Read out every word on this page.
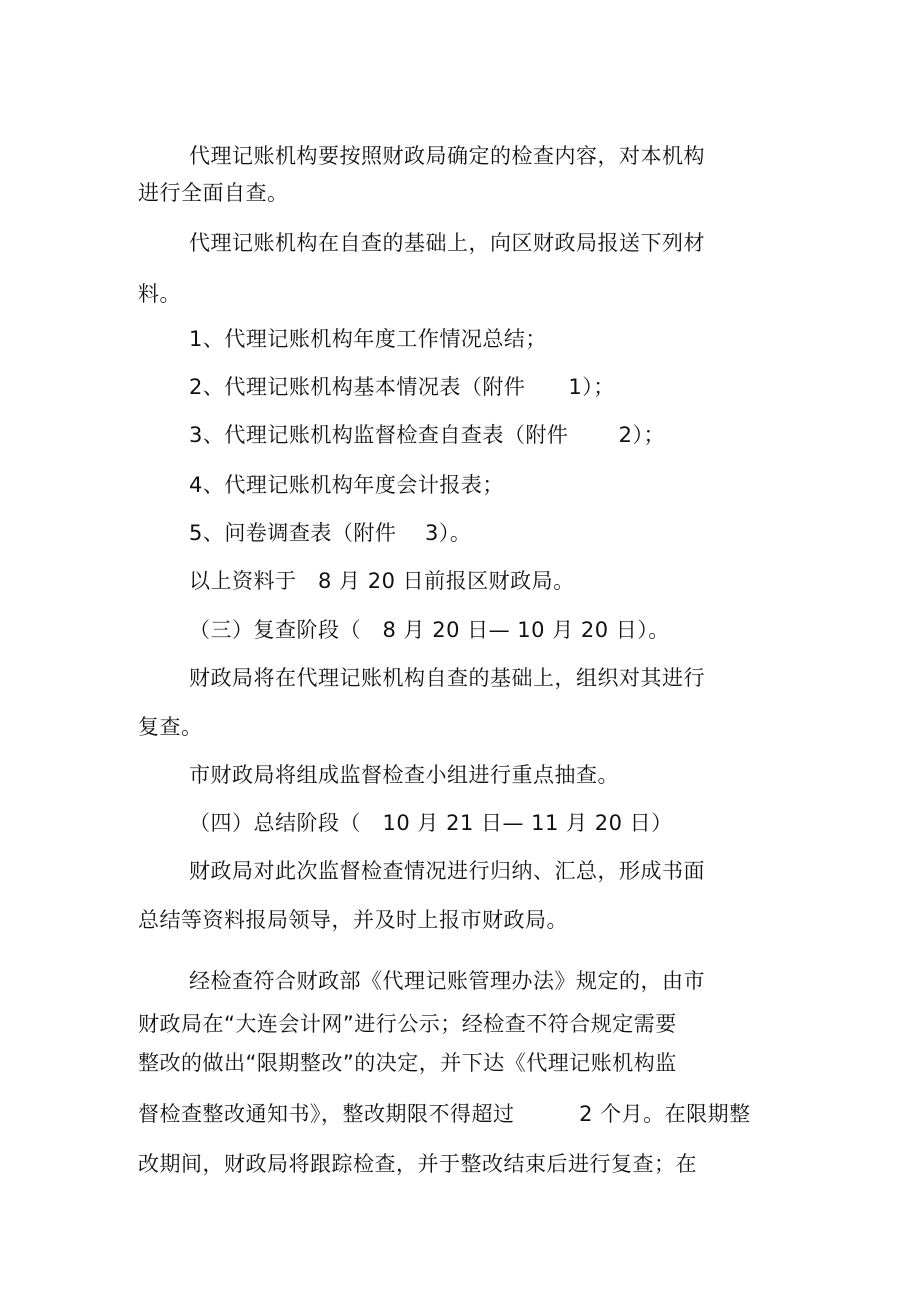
代理记账机构要按照财政局确定的检查内容，对本机构
进行全面自查。
代理记账机构在自查的基础上，向区财政局报送下列材
料。
1、代理记账机构年度工作情况总结；
2、代理记账机构基本情况表（附件      1）；
3、代理记账机构监督检查自查表（附件       2）；
4、代理记账机构年度会计报表；
5、问卷调查表（附件    3）。
以上资料于   8 月 20 日前报区财政局。
（三）复查阶段（   8 月 20 日— 10 月 20 日）。
财政局将在代理记账机构自查的基础上，组织对其进行
复查。
市财政局将组成监督检查小组进行重点抽查。
（四）总结阶段（   10 月 21 日— 11 月 20 日）
财政局对此次监督检查情况进行归纳、汇总，形成书面
总结等资料报局领导，并及时上报市财政局。
经检查符合财政部《代理记账管理办法》规定的，由市
财政局在“大连会计网”进行公示；经检查不符合规定需要
整改的做出“限期整改”的决定，并下达《代理记账机构监
督检查整改通知书》，整改期限不得超过         2 个月。在限期整
改期间，财政局将跟踪检查，并于整改结束后进行复查；在
